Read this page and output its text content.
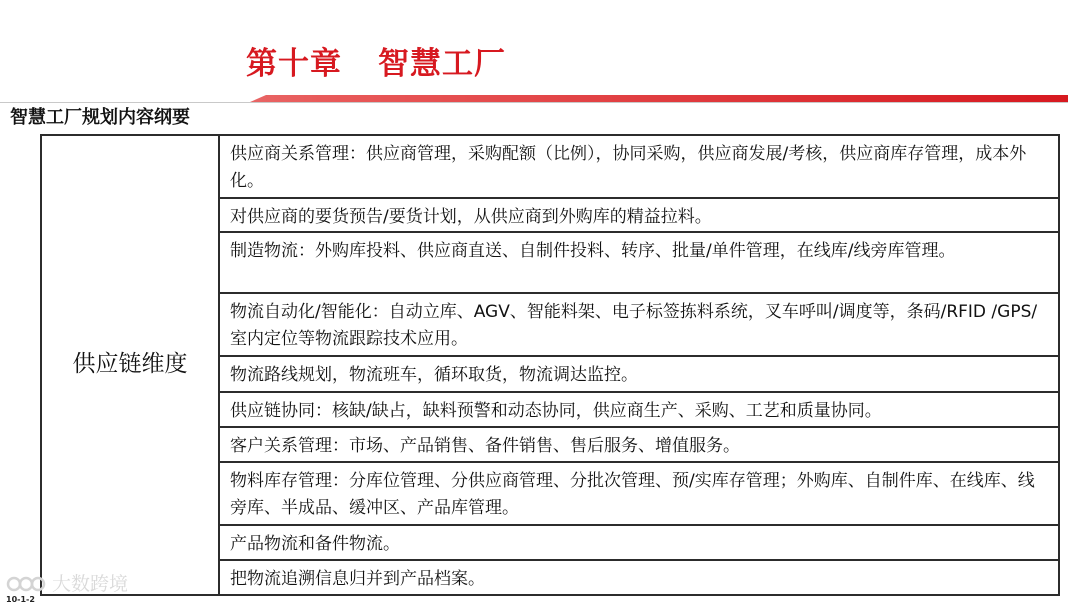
第十章 智慧工厂
智慧工厂规划内容纲要
供应链维度
供应商关系管理：供应商管理，采购配额（比例），协同采购，供应商发展/考核，供应商库存管理，成本外化。
对供应商的要货预告/要货计划，从供应商到外购库的精益拉料。
制造物流：外购库投料、供应商直送、自制件投料、转序、批量/单件管理，在线库/线旁库管理。
物流自动化/智能化：自动立库、AGV、智能料架、电子标签拣料系统，叉车呼叫/调度等，条码/RFID /GPS/室内定位等物流跟踪技术应用。
物流路线规划，物流班车，循环取货，物流调达监控。
供应链协同：核缺/缺占，缺料预警和动态协同，供应商生产、采购、工艺和质量协同。
客户关系管理：市场、产品销售、备件销售、售后服务、增值服务。
物料库存管理：分库位管理、分供应商管理、分批次管理、预/实库存管理；外购库、自制件库、在线库、线旁库、半成品、缓冲区、产品库管理。
产品物流和备件物流。
把物流追溯信息归并到产品档案。
大数跨境
10-1-2
